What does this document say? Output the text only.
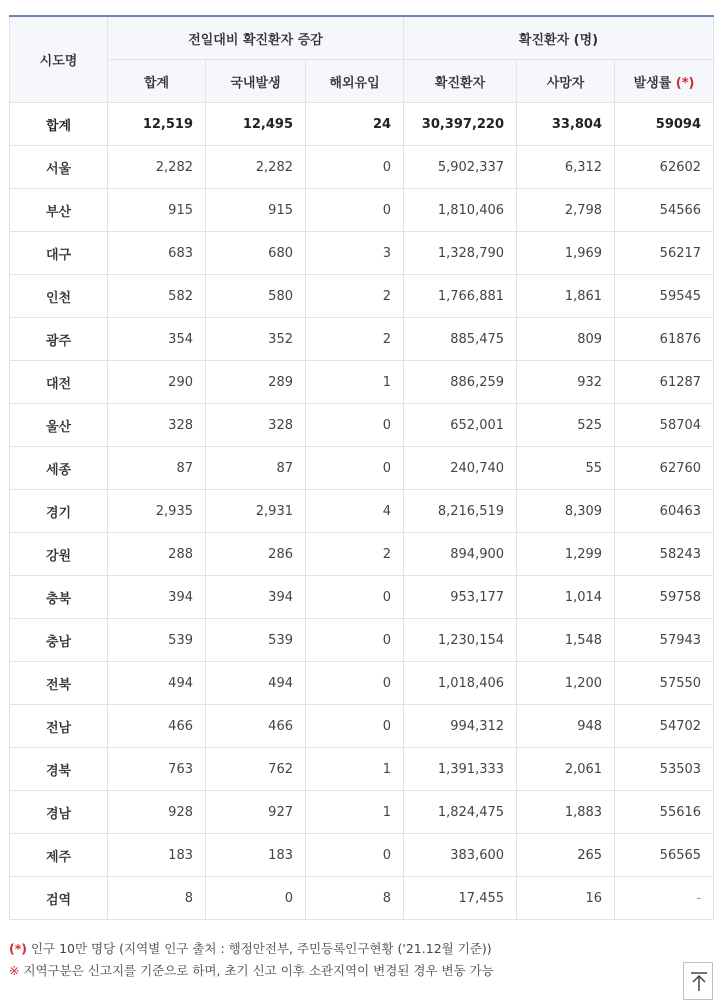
시도명	전일대비 확진환자 증감			확진환자 (명)		
	합계	국내발생	해외유입	확진환자	사망자	발생률 (*)
합계	12,519	12,495	24	30,397,220	33,804	59094
서울	2,282	2,282	0	5,902,337	6,312	62602
부산	915	915	0	1,810,406	2,798	54566
대구	683	680	3	1,328,790	1,969	56217
인천	582	580	2	1,766,881	1,861	59545
광주	354	352	2	885,475	809	61876
대전	290	289	1	886,259	932	61287
울산	328	328	0	652,001	525	58704
세종	87	87	0	240,740	55	62760
경기	2,935	2,931	4	8,216,519	8,309	60463
강원	288	286	2	894,900	1,299	58243
충북	394	394	0	953,177	1,014	59758
충남	539	539	0	1,230,154	1,548	57943
전북	494	494	0	1,018,406	1,200	57550
전남	466	466	0	994,312	948	54702
경북	763	762	1	1,391,333	2,061	53503
경남	928	927	1	1,824,475	1,883	55616
제주	183	183	0	383,600	265	56565
검역	8	0	8	17,455	16	-
(*) 인구 10만 명당 (지역별 인구 출처 : 행정안전부, 주민등록인구현황 ('21.12월 기준))
※ 지역구분은 신고지를 기준으로 하며, 초기 신고 이후 소관지역이 변경된 경우 변동 가능
